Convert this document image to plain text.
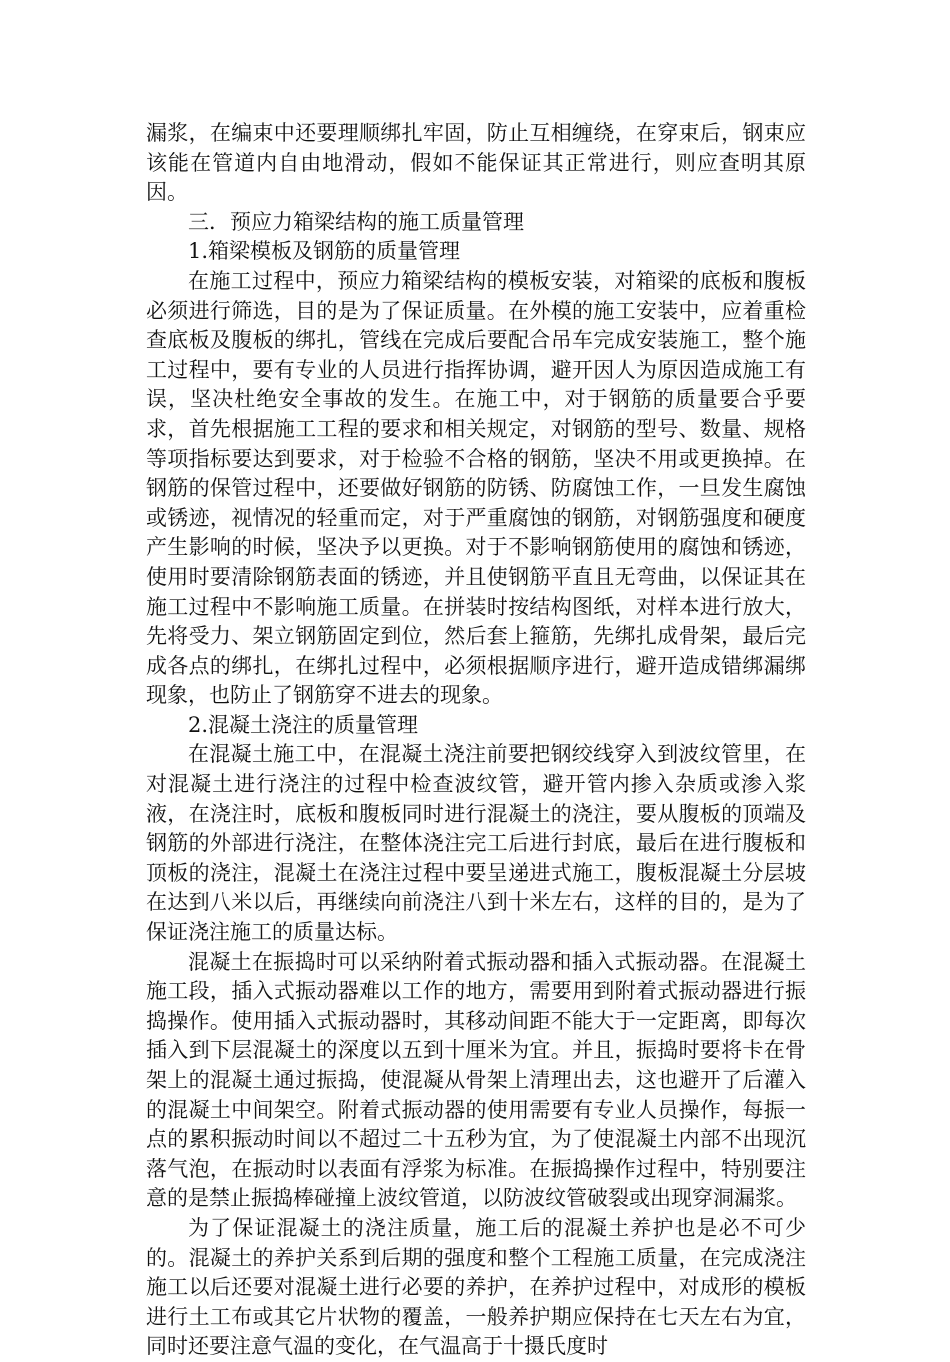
漏浆，在编束中还要理顺绑扎牢固，防止互相缠绕，在穿束后，钢束应该能在管道内自由地滑动，假如不能保证其正常进行，则应查明其原因。

三．预应力箱梁结构的施工质量管理
1.箱梁模板及钢筋的质量管理

在施工过程中，预应力箱梁结构的模板安装，对箱梁的底板和腹板必须进行筛选，目的是为了保证质量。在外模的施工安装中，应着重检查底板及腹板的绑扎，管线在完成后要配合吊车完成安装施工，整个施工过程中，要有专业的人员进行指挥协调，避开因人为原因造成施工有误，坚决杜绝安全事故的发生。在施工中，对于钢筋的质量要合乎要求，首先根据施工工程的要求和相关规定，对钢筋的型号、数量、规格等项指标要达到要求，对于检验不合格的钢筋，坚决不用或更换掉。在钢筋的保管过程中，还要做好钢筋的防锈、防腐蚀工作，一旦发生腐蚀或锈迹，视情况的轻重而定，对于严重腐蚀的钢筋，对钢筋强度和硬度产生影响的时候，坚决予以更换。对于不影响钢筋使用的腐蚀和锈迹，使用时要清除钢筋表面的锈迹，并且使钢筋平直且无弯曲，以保证其在施工过程中不影响施工质量。在拼装时按结构图纸，对样本进行放大，先将受力、架立钢筋固定到位，然后套上箍筋，先绑扎成骨架，最后完成各点的绑扎，在绑扎过程中，必须根据顺序进行，避开造成错绑漏绑现象，也防止了钢筋穿不进去的现象。

2.混凝土浇注的质量管理

在混凝土施工中，在混凝土浇注前要把钢绞线穿入到波纹管里，在对混凝土进行浇注的过程中检查波纹管，避开管内掺入杂质或渗入浆液，在浇注时，底板和腹板同时进行混凝土的浇注，要从腹板的顶端及钢筋的外部进行浇注，在整体浇注完工后进行封底，最后在进行腹板和顶板的浇注，混凝土在浇注过程中要呈递进式施工，腹板混凝土分层坡在达到八米以后，再继续向前浇注八到十米左右，这样的目的，是为了保证浇注施工的质量达标。

混凝土在振捣时可以采纳附着式振动器和插入式振动器。在混凝土施工段，插入式振动器难以工作的地方，需要用到附着式振动器进行振捣操作。使用插入式振动器时，其移动间距不能大于一定距离，即每次插入到下层混凝土的深度以五到十厘米为宜。并且，振捣时要将卡在骨架上的混凝土通过振捣，使混凝从骨架上清理出去，这也避开了后灌入的混凝土中间架空。附着式振动器的使用需要有专业人员操作，每振一点的累积振动时间以不超过二十五秒为宜，为了使混凝土内部不出现沉落气泡，在振动时以表面有浮浆为标准。在振捣操作过程中，特别要注意的是禁止振捣棒碰撞上波纹管道，以防波纹管破裂或出现穿洞漏浆。

为了保证混凝土的浇注质量，施工后的混凝土养护也是必不可少的。混凝土的养护关系到后期的强度和整个工程施工质量，在完成浇注施工以后还要对混凝土进行必要的养护，在养护过程中，对成形的模板进行土工布或其它片状物的覆盖，一般养护期应保持在七天左右为宜，同时还要注意气温的变化，在气温高于十摄氏度时
